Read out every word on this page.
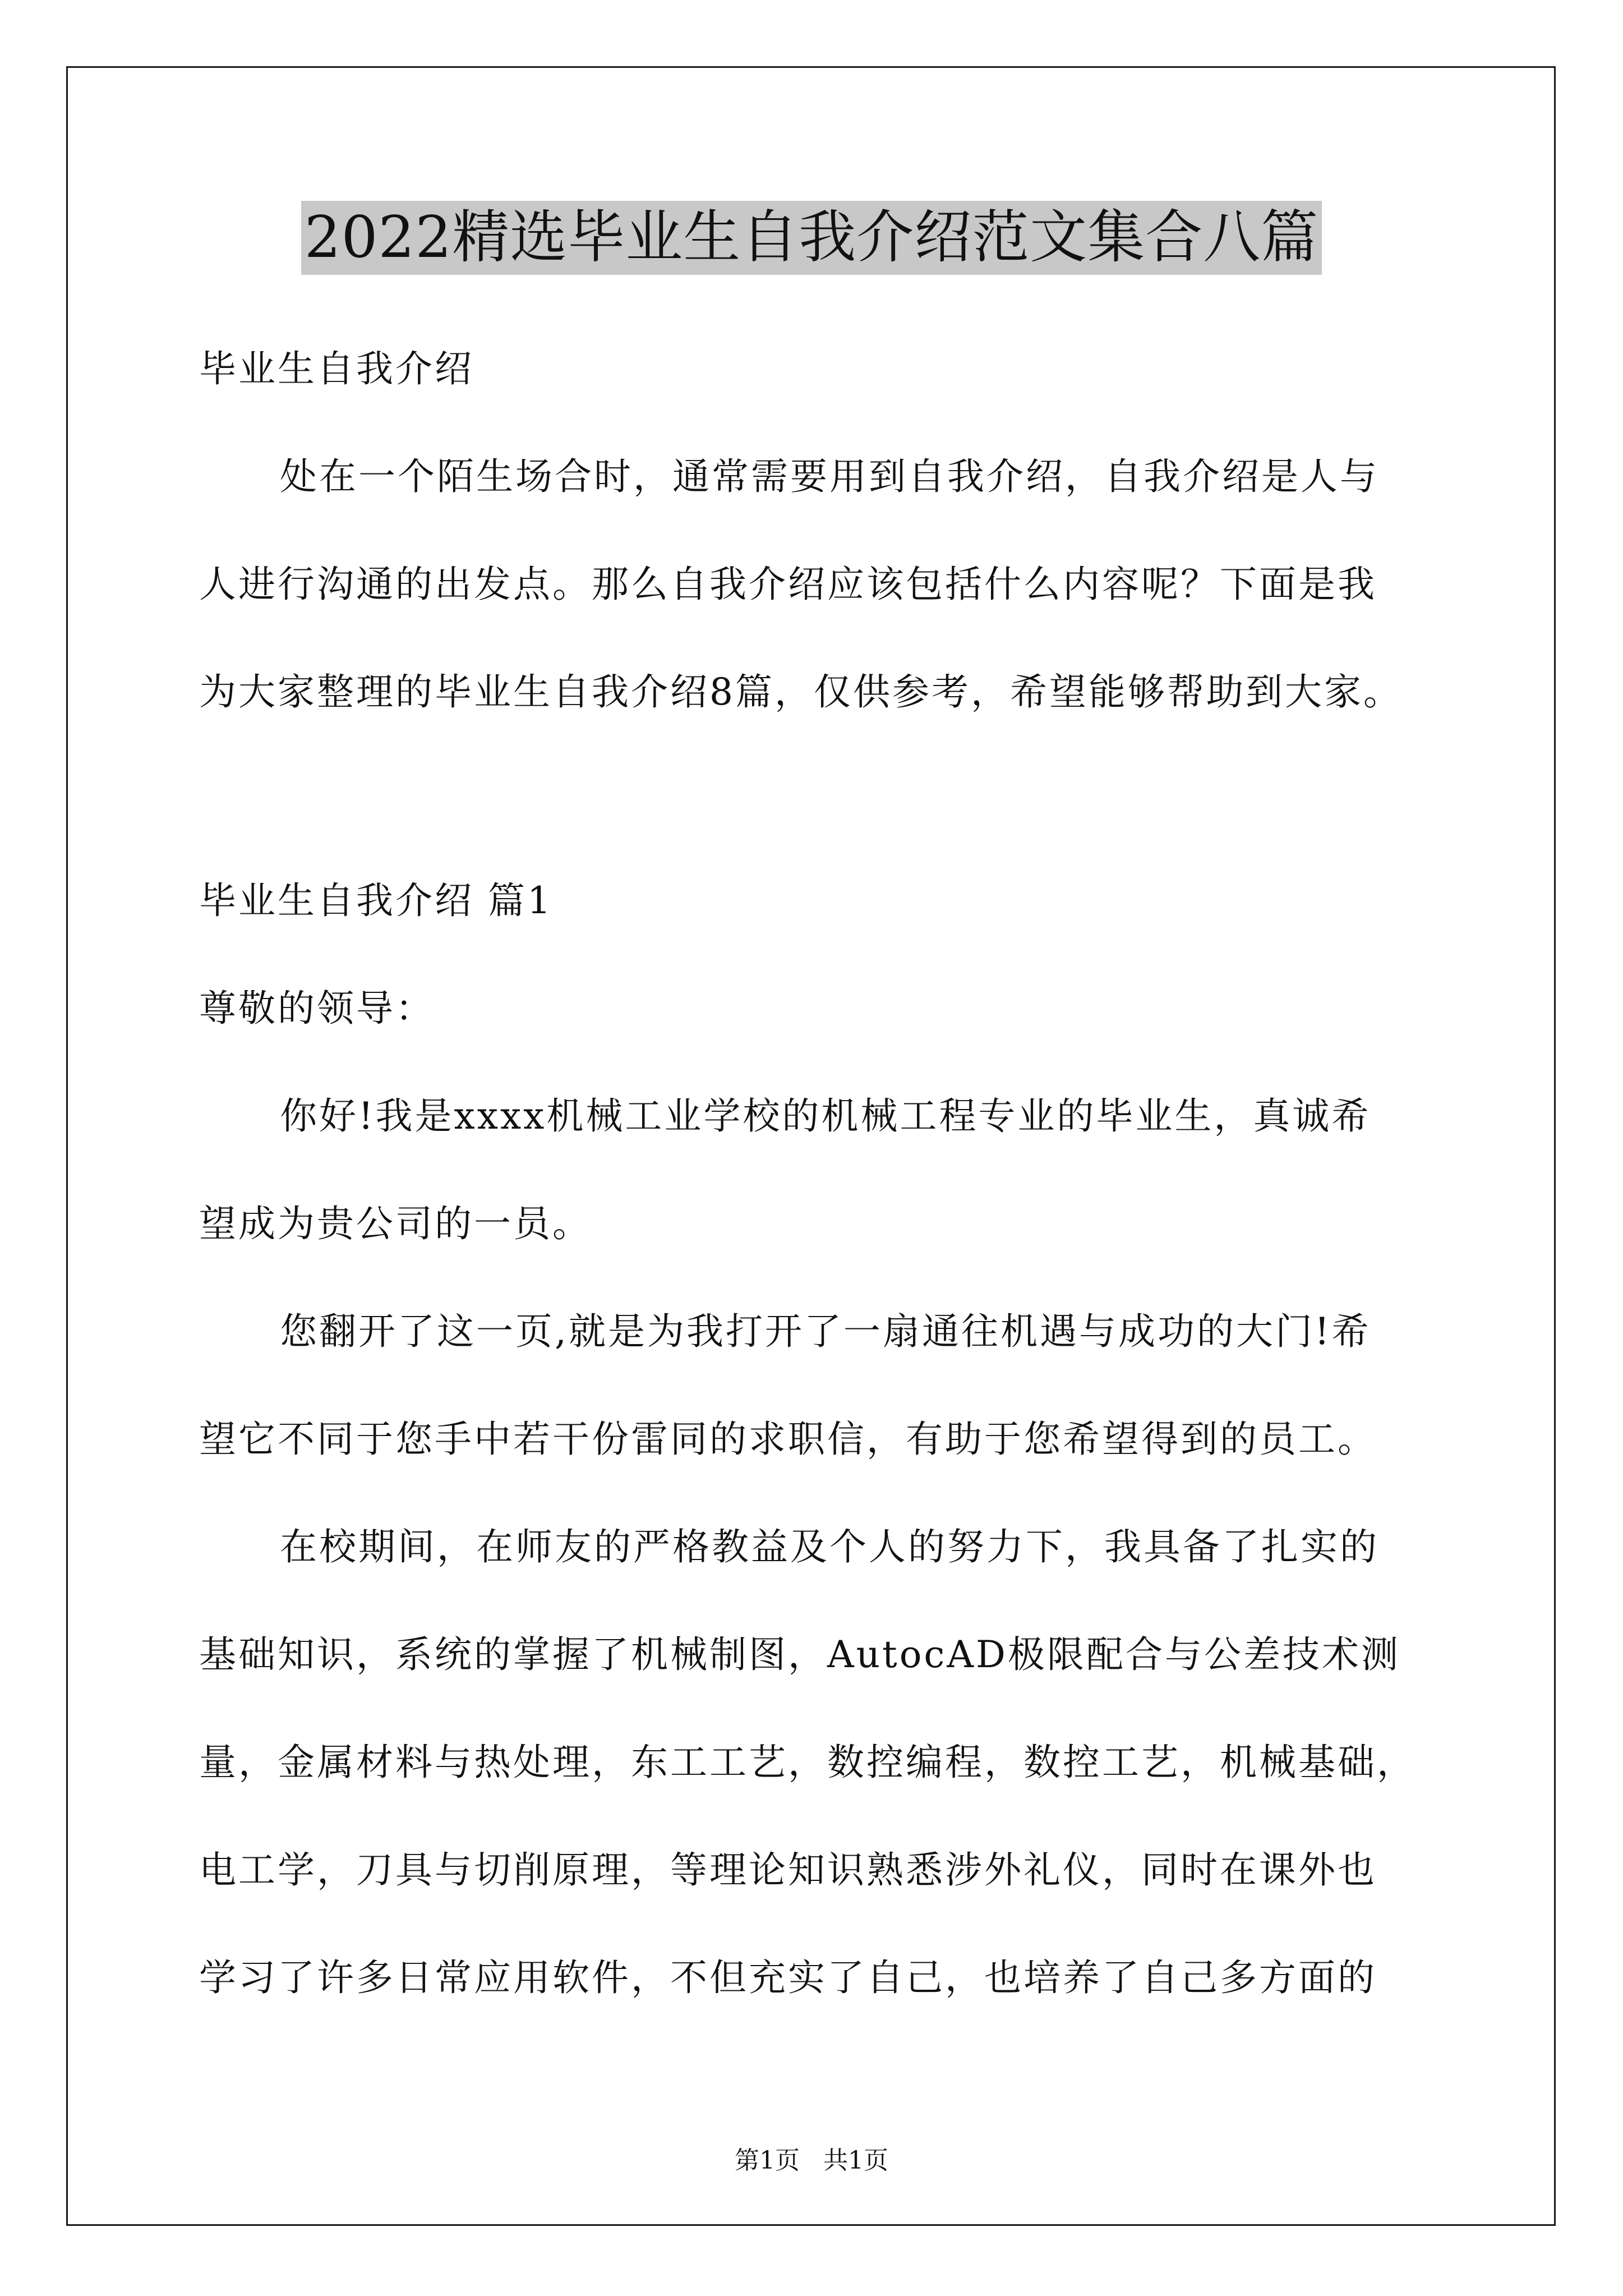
2022精选毕业生自我介绍范文集合八篇
毕业生自我介绍
处在一个陌生场合时，通常需要用到自我介绍，自我介绍是人与
人进行沟通的出发点。那么自我介绍应该包括什么内容呢？下面是我
为大家整理的毕业生自我介绍8篇，仅供参考，希望能够帮助到大家。
毕业生自我介绍 篇1
尊敬的领导：
你好!我是xxxx机械工业学校的机械工程专业的毕业生，真诚希
望成为贵公司的一员。
您翻开了这一页,就是为我打开了一扇通往机遇与成功的大门!希
望它不同于您手中若干份雷同的求职信，有助于您希望得到的员工。
在校期间，在师友的严格教益及个人的努力下，我具备了扎实的
基础知识，系统的掌握了机械制图，AutocAD极限配合与公差技术测
量，金属材料与热处理，东工工艺，数控编程，数控工艺，机械基础，
电工学，刀具与切削原理，等理论知识熟悉涉外礼仪，同时在课外也
学习了许多日常应用软件，不但充实了自己，也培养了自己多方面的
第1页   共1页
